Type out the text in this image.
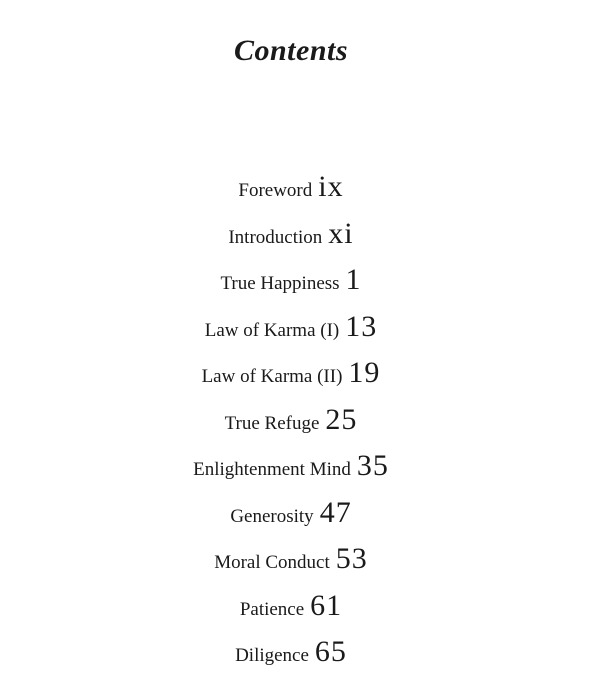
Contents
Foreword ix
Introduction xi
True Happiness 1
Law of Karma (I) 13
Law of Karma (II) 19
True Refuge 25
Enlightenment Mind 35
Generosity 47
Moral Conduct 53
Patience 61
Diligence 65
